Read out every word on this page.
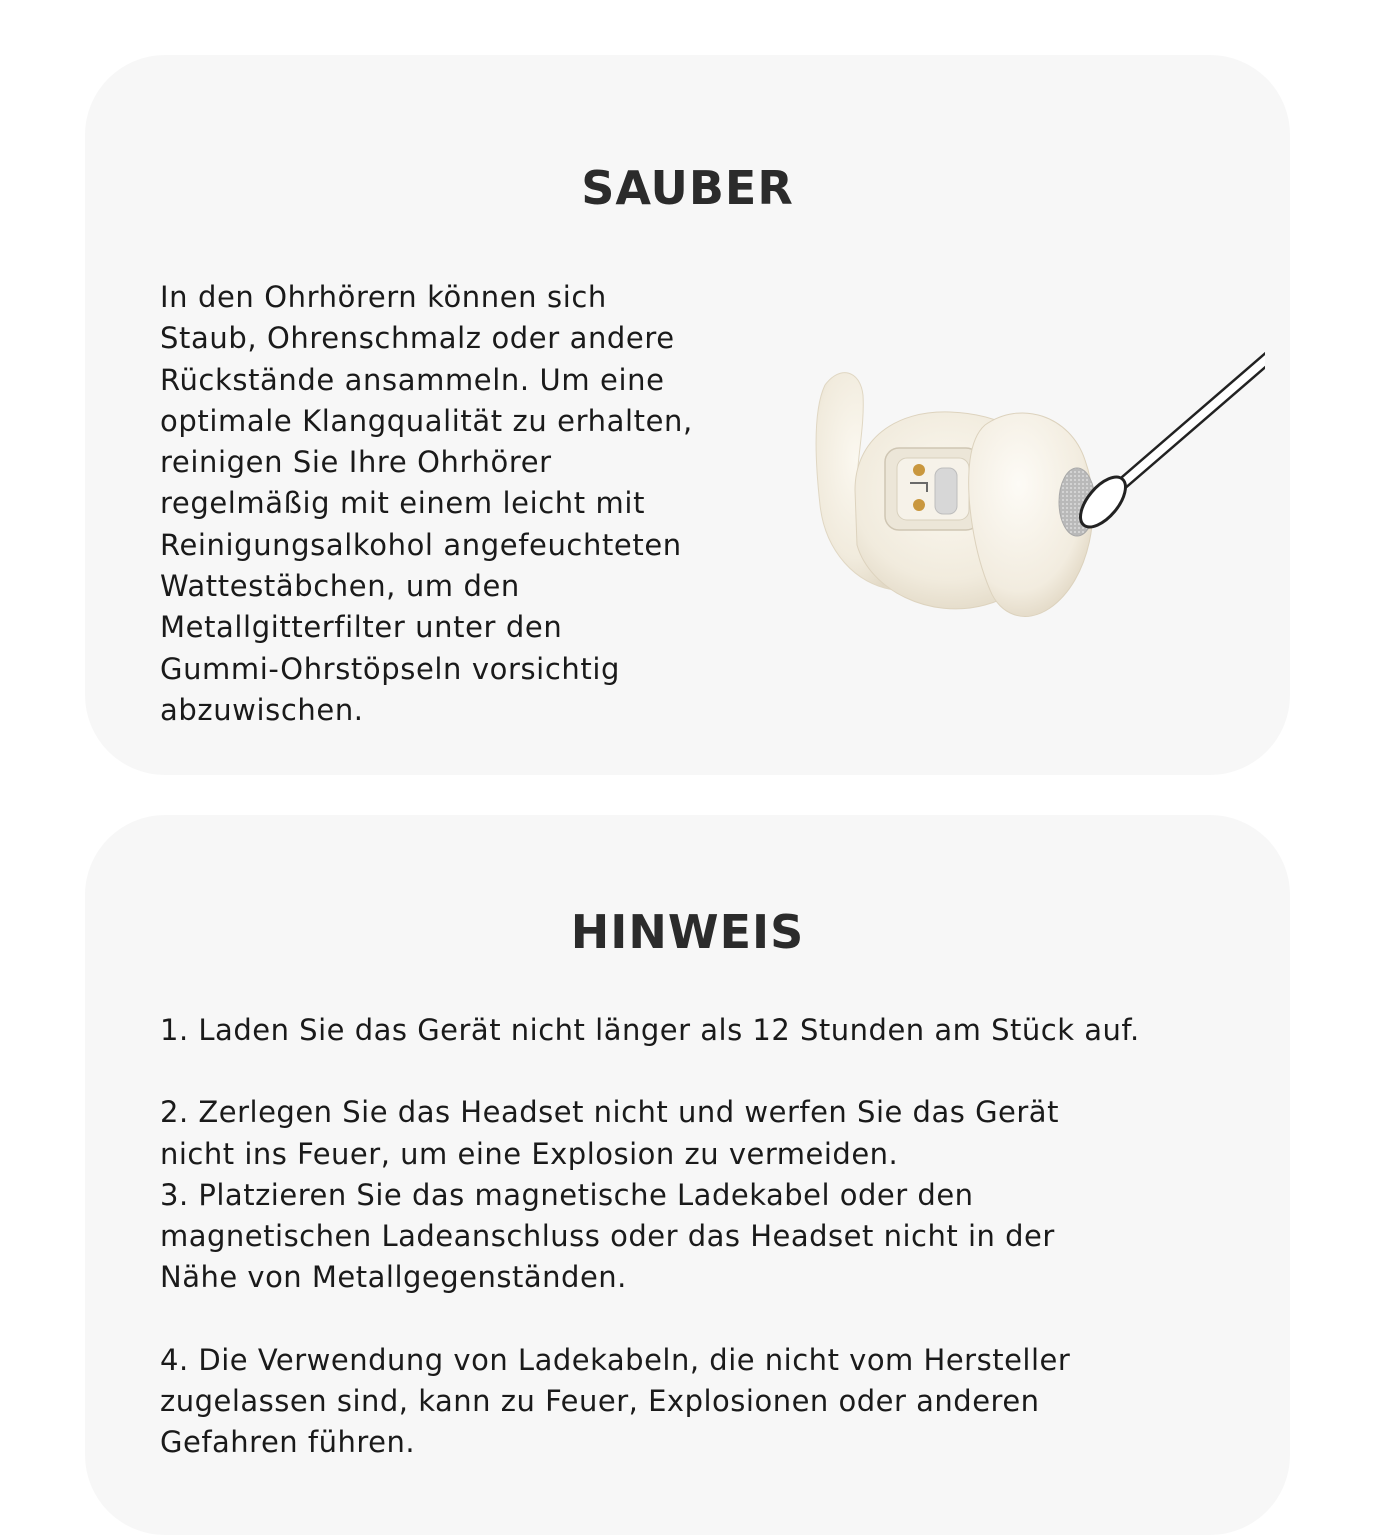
SAUBER

In den Ohrhörern können sich
Staub, Ohrenschmalz oder andere
Rückstände ansammeln. Um eine
optimale Klangqualität zu erhalten,
reinigen Sie Ihre Ohrhörer
regelmäßig mit einem leicht mit
Reinigungsalkohol angefeuchteten
Wattestäbchen, um den
Metallgitterfilter unter den
Gummi-Ohrstöpseln vorsichtig
abzuwischen.

HINWEIS
1. Laden Sie das Gerät nicht länger als 12 Stunden am Stück auf.
2. Zerlegen Sie das Headset nicht und werfen Sie das Gerät
nicht ins Feuer, um eine Explosion zu vermeiden.
3. Platzieren Sie das magnetische Ladekabel oder den
magnetischen Ladeanschluss oder das Headset nicht in der
Nähe von Metallgegenständen.
4. Die Verwendung von Ladekabeln, die nicht vom Hersteller
zugelassen sind, kann zu Feuer, Explosionen oder anderen
Gefahren führen.
